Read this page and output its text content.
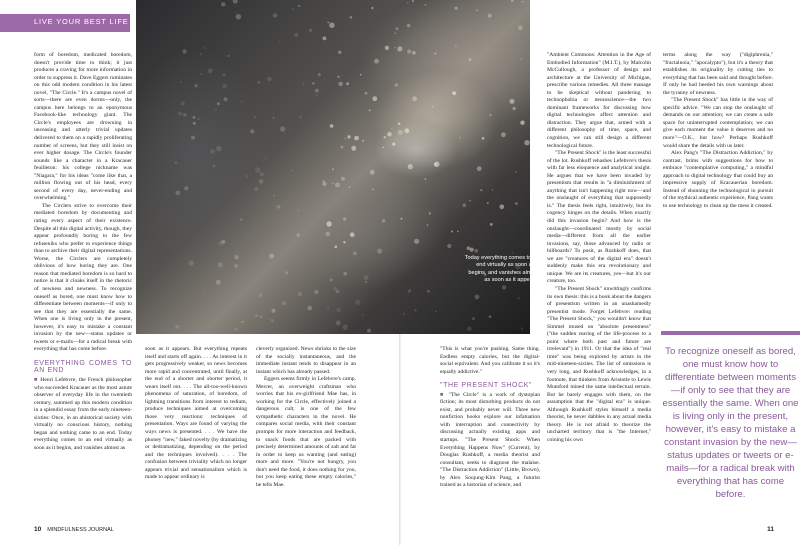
LIVE YOUR BEST LIFE
Today everything comes to an end virtually as soon as it begins, and vanishes almost as soon as it appears.

form of boredom, medicated boredom, doesn't provide time to think; it just produces a craving for more information in order to suppress it. Dave Eggers ruminates on this odd modern condition in his latest novel, "The Circle." It's a campus novel of sorts—there are even dorms—only, the campus here belongs to an eponymous Facebook-like technology giant. The Circle's employees are drowning in unceasing and utterly trivial updates delivered to them on a rapidly proliferating number of screens, but they still insist on ever higher dosage. The Circle's founder sounds like a character in a Kracauer feuilleton: his college nickname was "Niagara," for his ideas "come like that, a million flowing out of his head, every second of every day, never-ending and overwhelming."

The Circlers strive to overcome their mediated boredom by documenting and rating every aspect of their existence. Despite all this digital activity, though, they appear profoundly boring to the few refuseniks who prefer to experience things than to archive their digital representations. Worse, the Circlers are completely oblivious of how boring they are. One reason that mediated boredom is so hard to notice is that it cloaks itself in the rhetoric of newness and newness. To recognize oneself as bored, one must know how to differentiate between moments—if only to see that they are essentially the same. When one is living only in the present, however, it's easy to mistake a constant invasion by the new—status updates or tweets or e-mails—for a radical break with everything that has come before.

EVERYTHING COMES TO AN END

■ Henri Lefebvre, the French philosopher who succeeded Kracauer as the most astute observer of everyday life in the twentieth century, summed up this modern condition in a splendid essay from the early nineteen-sixties: Once, in an ahistorical society with virtually no conscious history, nothing began and nothing came to an end. Today everything comes to an end virtually as soon as it begins, and vanishes almost as

soon as it appears. But everything repeats itself and starts off again. . . . As interest in it gets progressively weaker, so news becomes more rapid and concentrated, until finally, at the end of a shorter and shorter period, it wears itself out. . . . The all-too-well-known phenomena of saturation, of boredom, of lightning transitions from interest to tedium, produce techniques aimed at overcoming those very reactions: techniques of presentation. Ways are found of varying the ways news is presented. . . . We have the phoney "new," faked novelty (by dramatizing or dedramatizing, depending on the period and the techniques involved). . . . The confusion between triviality which no longer appears trivial and sensationalism which is made to appear ordinary is

cleverly organized. News shrinks to the size of the socially instantaneous, and the immediate instant tends to disappear in an instant which has already passed.

Eggers seems firmly in Lefebvre's camp. Mercer, an overweight craftsman who worries that his ex-girlfriend Mae has, in working for the Circle, effectively joined a dangerous cult, is one of the few sympathetic characters in the novel. He compares social media, with their constant prompts for more interaction and feedback, to snack foods that are packed with precisely determined amounts of salt and fat in order to keep us wanting (and eating) more and more. "You're not hungry, you don't need the food, it does nothing for you, but you keep eating these empty calories," he tells Mae.

"This is what you're pushing. Same thing. Endless empty calories, but the digital-social equivalent. And you calibrate it so it's equally addictive."

"THE PRESENT SHOCK"

■ "The Circle" is a work of dystopian fiction; its most disturbing products do not exist, and probably never will. Three new nonfiction books explore our infatuation with interruption and connectivity by discussing actually existing apps and startups. "The Present Shock: When Everything Happens Now" (Current), by Douglas Rushkoff, a media theorist and consultant, seeks to diagnose the malaise. "The Distraction Addiction" (Little, Brown), by Alex Soojung-Kim Pang, a futurist trained as a historian of science, and

"Ambient Commons: Attention in the Age of Embodied Information" (M.I.T.), by Malcolm McCullough, a professor of design and architecture at the University of Michigan, prescribe various remedies. All three manage to be skeptical without pandering to technophobia or neuroscience—the two dominant frameworks for discussing how digital technologies affect attention and distraction. They argue that, armed with a different philosophy of time, space, and cognition, we can still design a different technological future.

"The Present Shock" is the least successful of the lot. Rushkoff rehashes Lefebvre's thesis with far less eloquence and analytical insight. He argues that we have been invaded by presentism that results in "a diminishment of anything that isn't happening right now—and the onslaught of everything that supposedly is." The thesis feels right, intuitively, but its cogency hinges on the details. When exactly did this invasion begin? And how is the onslaught—coordinated mostly by social media—different from all the earlier invasions, say, those advanced by radio or billboards? To posit, as Rushkoff does, that we are "creatures of the digital era" doesn't suddenly make this era revolutionary and unique. We are its creatures, yes—but it's our creature, too.

"The Present Shock" unwittingly confirms its own thesis: this is a book about the dangers of presentism written in an unashamedly presentist mode. Forget Lefebvre: reading "The Present Shock," you wouldn't know that Simmel mused on "absolute presentness" ("the sudden rearing of the life-process to a point where both past and future are irrelevant") in 1911. Or that the idea of "real time" was being explored by artists in the mid-nineteen-sixties. The list of omissions is very long, and Rushkoff acknowledges, in a footnote, that thinkers from Aristotle to Lewis Mumford mined the same intellectual terrain. But he barely engages with them, on the assumption that the "digital era" is unique. Although Rushkoff styles himself a media theorist, he never dabbles in any actual media theory. He is not afraid to theorize the uncharted territory that is "the Internet," coining his own

terms along the way ("digiphrenia," "fractalnoia," "apocalypto"), but it's a theory that establishes its originality by cutting ties to everything that has been said and thought before. If only he had heeded his own warnings about the tyranny of newness.

"The Present Shock" has little in the way of specific advice. "We can stop the onslaught of demands on our attention; we can create a safe space for uninterrupted contemplation; we can give each moment the value it deserves and no more"—O.K., but how? Perhaps Rushkoff would share the details with us later.

Alex Pang's "The Distraction Addiction," by contrast, brims with suggestions for how to embrace "contemplative computing," a mindful approach to digital technology that could buy an impressive supply of Kracauerian boredom. Instead of shunning the technological in pursuit of the mythical authentic experience, Pang wants to use technology to clean up the mess it created.

To recognize oneself as bored, one must know how to differentiate between moments—if only to see that they are essentially the same. When one is living only in the present, however, it's easy to mistake a constant invasion by the new—status updates or tweets or e-mails—for a radical break with everything that has come before.
10 MINDFULNESS JOURNAL	11
